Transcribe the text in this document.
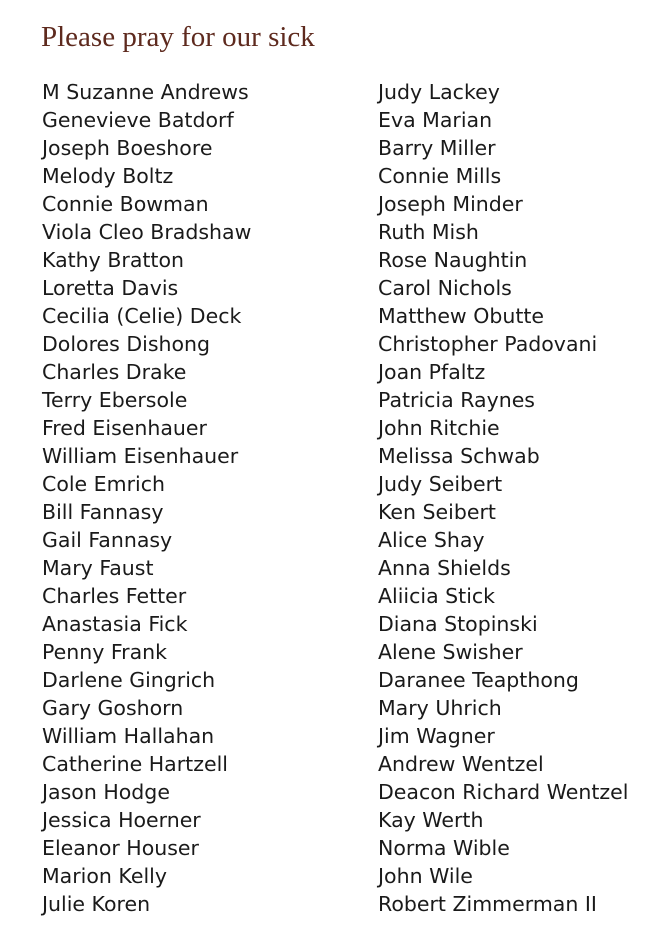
Please pray for our sick
M Suzanne Andrews
Genevieve Batdorf
Joseph Boeshore
Melody Boltz
Connie Bowman
Viola Cleo Bradshaw
Kathy Bratton
Loretta Davis
Cecilia (Celie) Deck
Dolores Dishong
Charles Drake
Terry Ebersole
Fred Eisenhauer
William Eisenhauer
Cole Emrich
Bill Fannasy
Gail Fannasy
Mary Faust
Charles Fetter
Anastasia Fick
Penny Frank
Darlene Gingrich
Gary Goshorn
William Hallahan
Catherine Hartzell
Jason Hodge
Jessica Hoerner
Eleanor Houser
Marion Kelly
Julie Koren
Judy Lackey
Eva Marian
Barry Miller
Connie Mills
Joseph Minder
Ruth Mish
Rose Naughtin
Carol Nichols
Matthew Obutte
Christopher Padovani
Joan Pfaltz
Patricia Raynes
John Ritchie
Melissa Schwab
Judy Seibert
Ken Seibert
Alice Shay
Anna Shields
Aliicia Stick
Diana Stopinski
Alene Swisher
Daranee Teapthong
Mary Uhrich
Jim Wagner
Andrew Wentzel
Deacon Richard Wentzel
Kay Werth
Norma Wible
John Wile
Robert Zimmerman II
